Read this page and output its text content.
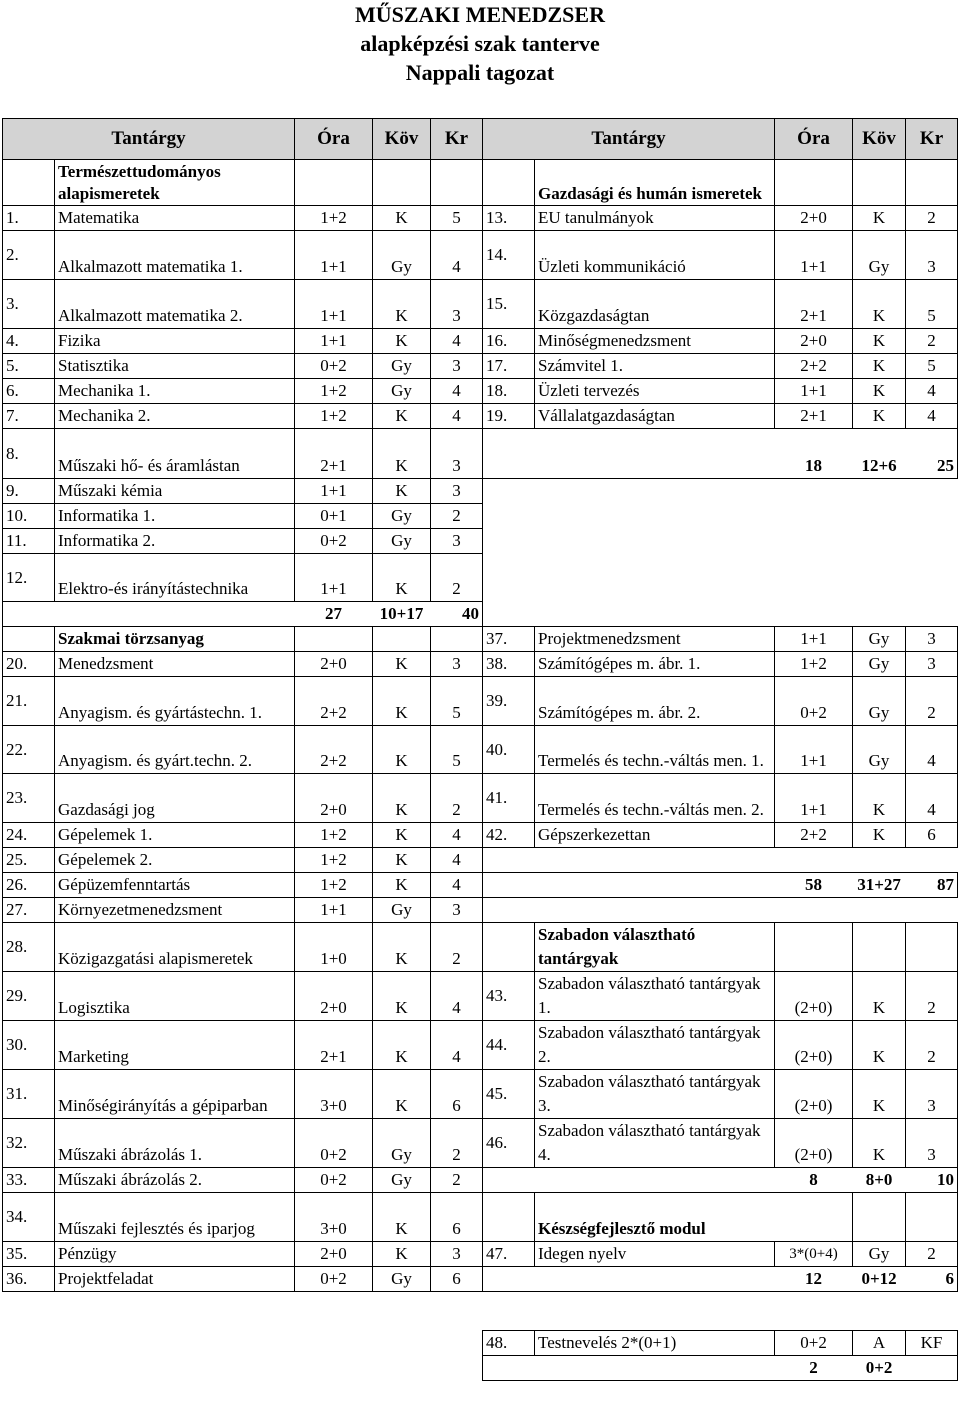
MŰSZAKI MENEDZSER
alapképzési szak tanterve
Nappali tagozat
Tantárgy		Óra	Köv	Kr	Tantárgy		Óra	Köv	Kr
	Természettudományos alapismeretek					Gazdasági és humán ismeretek			
1.	Matematika	1+2	K	5	13.	EU tanulmányok	2+0	K	2
2.	Alkalmazott matematika 1.	1+1	Gy	4	14.	Üzleti kommunikáció	1+1	Gy	3
3.	Alkalmazott matematika 2.	1+1	K	3	15.	Közgazdaságtan	2+1	K	5
4.	Fizika	1+1	K	4	16.	Minőségmenedzsment	2+0	K	2
5.	Statisztika	0+2	Gy	3	17.	Számvitel 1.	2+2	K	5
6.	Mechanika 1.	1+2	Gy	4	18.	Üzleti tervezés	1+1	K	4
7.	Mechanika 2.	1+2	K	4	19.	Vállalatgazdaságtan	2+1	K	4
8.	Műszaki hő- és áramlástan	2+1	K	3			18	12+6	25
9.	Műszaki kémia	1+1	K	3					
10.	Informatika 1.	0+1	Gy	2					
11.	Informatika 2.	0+2	Gy	3					
12.	Elektro-és irányítástechnika	1+1	K	2					
		27	10+17	40					
	Szakmai törzsanyag				37.	Projektmenedzsment	1+1	Gy	3
20.	Menedzsment	2+0	K	3	38.	Számítógépes m. ábr. 1.	1+2	Gy	3
21.	Anyagism. és gyártástechn. 1.	2+2	K	5	39.	Számítógépes m. ábr. 2.	0+2	Gy	2
22.	Anyagism. és gyárt.techn. 2.	2+2	K	5	40.	Termelés és techn.-váltás men. 1.	1+1	Gy	4
23.	Gazdasági jog	2+0	K	2	41.	Termelés és techn.-váltás men. 2.	1+1	K	4
24.	Gépelemek 1.	1+2	K	4	42.	Gépszerkezettan	2+2	K	6
25.	Gépelemek 2.	1+2	K	4					
26.	Gépüzemfenntartás	1+2	K	4			58	31+27	87
27.	Környezetmenedzsment	1+1	Gy	3					
28.	Közigazgatási alapismeretek	1+0	K	2		Szabadon választható tantárgyak			
29.	Logisztika	2+0	K	4	43.	Szabadon választható tantárgyak 1.	(2+0)	K	2
30.	Marketing	2+1	K	4	44.	Szabadon választható tantárgyak 2.	(2+0)	K	2
31.	Minőségirányítás a gépiparban	3+0	K	6	45.	Szabadon választható tantárgyak 3.	(2+0)	K	3
32.	Műszaki ábrázolás 1.	0+2	Gy	2	46.	Szabadon választható tantárgyak 4.	(2+0)	K	3
33.	Műszaki ábrázolás 2.	0+2	Gy	2			8	8+0	10
34.	Műszaki fejlesztés és iparjog	3+0	K	6		Készségfejlesztő modul			
35.	Pénzügy	2+0	K	3	47.	Idegen nyelv	3*(0+4)	Gy	2
36.	Projektfeladat	0+2	Gy	6			12	0+12	6

					48.	Testnevelés 2*(0+1)	0+2	A	KF
							2	0+2	
